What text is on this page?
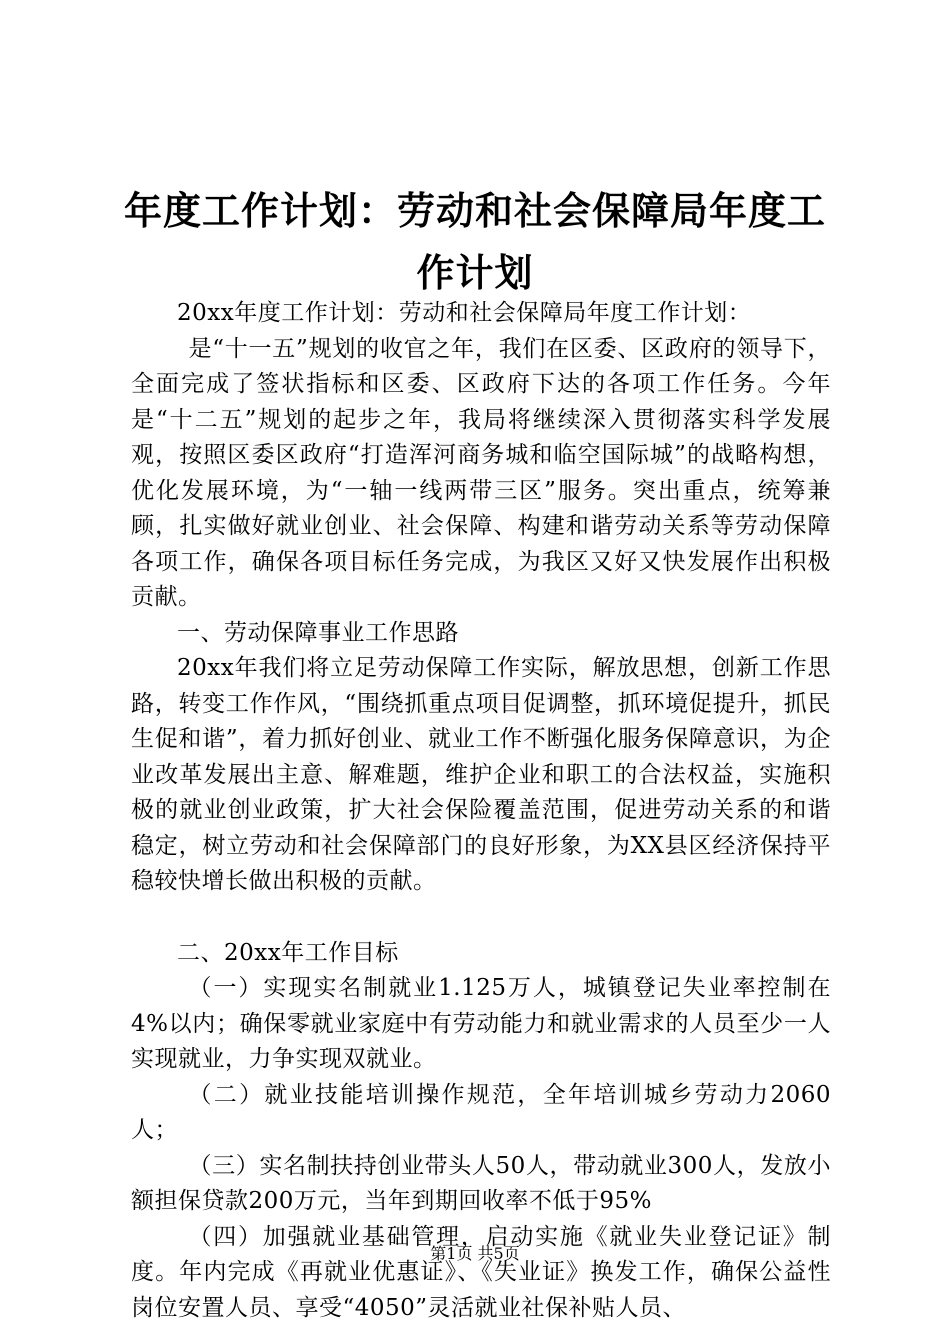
年度工作计划：劳动和社会保障局年度工作计划

20xx年度工作计划：劳动和社会保障局年度工作计划：

是“十一五”规划的收官之年，我们在区委、区政府的领导下，全面完成了签状指标和区委、区政府下达的各项工作任务。今年是“十二五”规划的起步之年，我局将继续深入贯彻落实科学发展观，按照区委区政府“打造浑河商务城和临空国际城”的战略构想，优化发展环境，为“一轴一线两带三区”服务。突出重点，统筹兼顾，扎实做好就业创业、社会保障、构建和谐劳动关系等劳动保障各项工作，确保各项目标任务完成，为我区又好又快发展作出积极贡献。

一、劳动保障事业工作思路

20xx年我们将立足劳动保障工作实际，解放思想，创新工作思路，转变工作作风，“围绕抓重点项目促调整，抓环境促提升，抓民生促和谐”，着力抓好创业、就业工作不断强化服务保障意识，为企业改革发展出主意、解难题，维护企业和职工的合法权益，实施积极的就业创业政策，扩大社会保险覆盖范围，促进劳动关系的和谐稳定，树立劳动和社会保障部门的良好形象，为XX县区经济保持平稳较快增长做出积极的贡献。

二、20xx年工作目标

（一）实现实名制就业1.125万人，城镇登记失业率控制在4%以内；确保零就业家庭中有劳动能力和就业需求的人员至少一人实现就业，力争实现双就业。

（二）就业技能培训操作规范，全年培训城乡劳动力2060人；

（三）实名制扶持创业带头人50人，带动就业300人，发放小额担保贷款200万元，当年到期回收率不低于95%

（四）加强就业基础管理，启动实施《就业失业登记证》制度。年内完成《再就业优惠证》、《失业证》换发工作，确保公益性岗位安置人员、享受“4050”灵活就业社保补贴人员、

第1页 共5页
